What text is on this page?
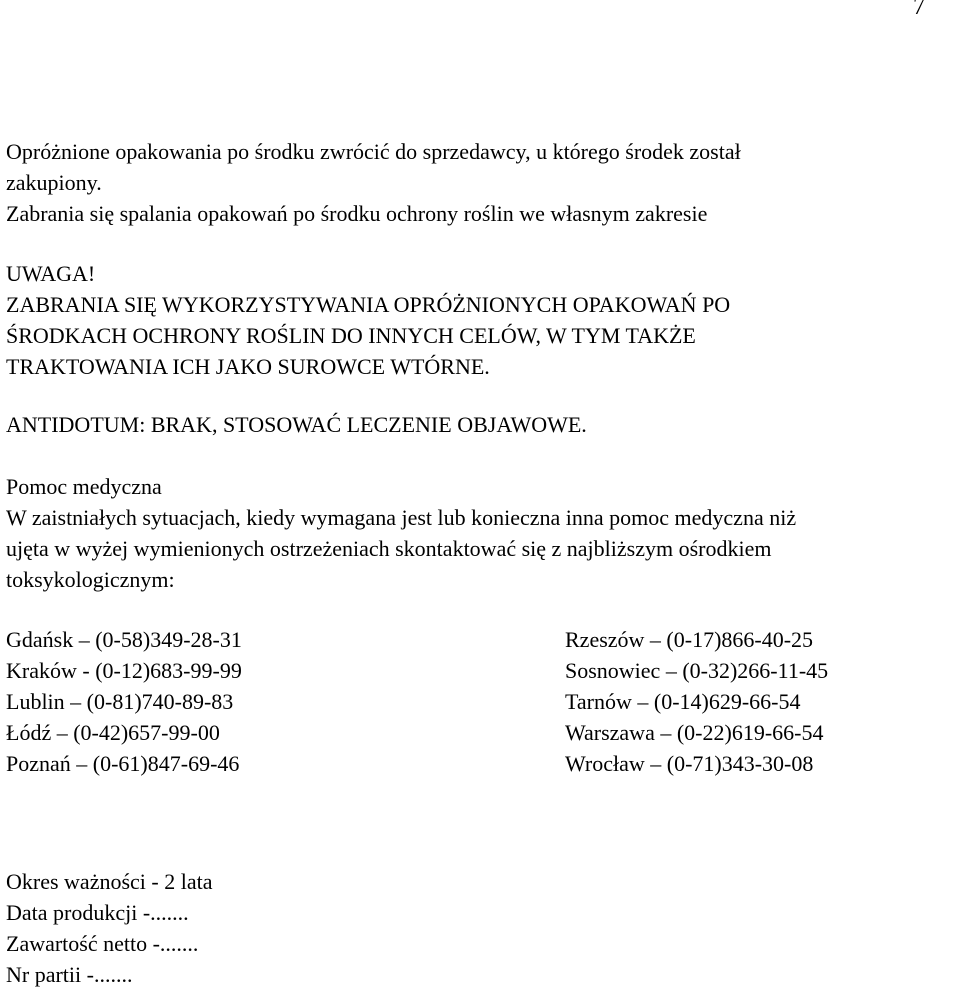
7
Opróżnione opakowania po środku zwrócić do sprzedawcy, u którego środek został
zakupiony.
Zabrania się spalania opakowań po środku ochrony roślin we własnym zakresie
UWAGA!
ZABRANIA SIĘ WYKORZYSTYWANIA OPRÓŻNIONYCH OPAKOWAŃ PO
ŚRODKACH OCHRONY ROŚLIN DO INNYCH CELÓW, W TYM TAKŻE
TRAKTOWANIA ICH JAKO SUROWCE WTÓRNE.
ANTIDOTUM: BRAK, STOSOWAĆ LECZENIE OBJAWOWE.
Pomoc medyczna
W zaistniałych sytuacjach, kiedy wymagana jest lub konieczna inna pomoc medyczna niż
ujęta w wyżej wymienionych ostrzeżeniach skontaktować się z najbliższym ośrodkiem
toksykologicznym:
Gdańsk – (0-58)349-28-31
Kraków - (0-12)683-99-99
Lublin – (0-81)740-89-83
Łódź – (0-42)657-99-00
Poznań – (0-61)847-69-46
Rzeszów – (0-17)866-40-25
Sosnowiec – (0-32)266-11-45
Tarnów – (0-14)629-66-54
Warszawa – (0-22)619-66-54
Wrocław – (0-71)343-30-08
Okres ważności - 2 lata
Data produkcji -.......
Zawartość netto -.......
Nr partii -.......
